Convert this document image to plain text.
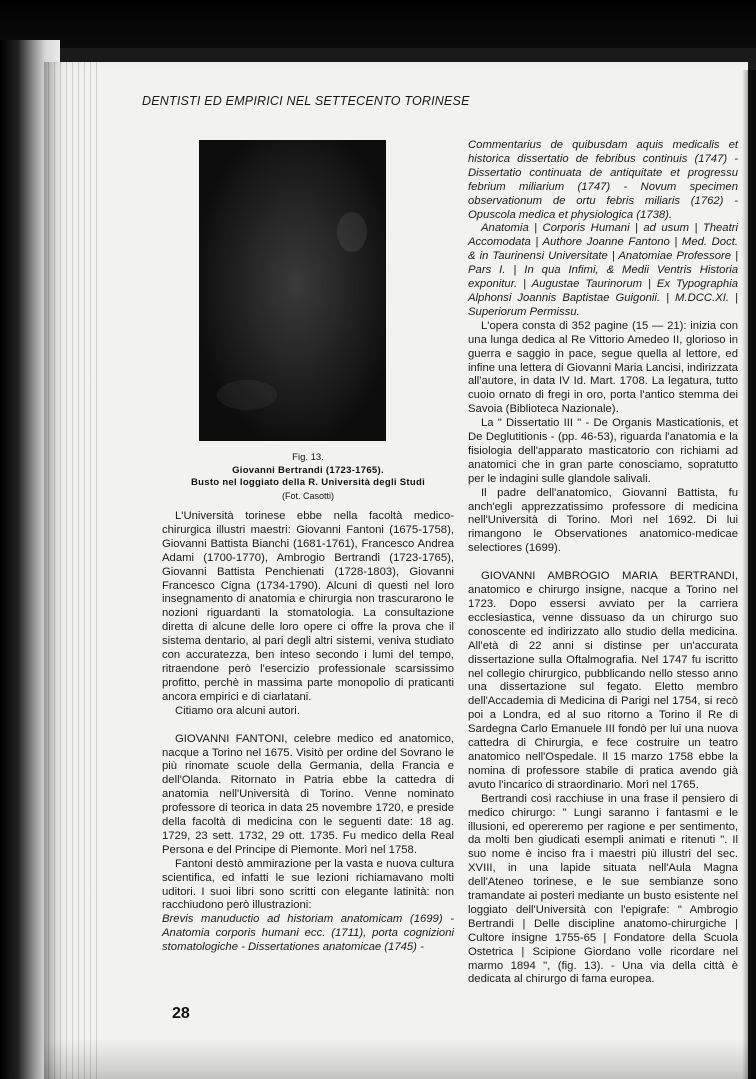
DENTISTI ED EMPIRICI NEL SETTECENTO TORINESE
Fig. 13.
Giovanni Bertrandi (1723-1765).
Busto nel loggiato della R. Università degli Studi
(Fot. Casotti)

L'Università torinese ebbe nella facoltà medico-chirurgica illustri maestri: Giovanni Fantoni (1675-1758), Giovanni Battista Bianchi (1681-1761), Francesco Andrea Adami (1700-1770), Ambrogio Bertrandi (1723-1765), Giovanni Battista Penchienati (1728-1803), Giovanni Francesco Cigna (1734-1790). Alcuni di questi nel loro insegnamento di anatomia e chirurgia non trascurarono le nozioni riguardanti la stomatologia. La consultazione diretta di alcune delle loro opere ci offre la prova che il sistema dentario, al pari degli altri sistemi, veniva studiato con accuratezza, ben inteso secondo i lumi del tempo, ritraendone però l'esercizio professionale scarsissimo profitto, perchè in massima parte monopolio di praticanti ancora empirici e di ciarlatani.

Citiamo ora alcuni autori.

GIOVANNI FANTONI, celebre medico ed anatomico, nacque a Torino nel 1675. Visitò per ordine del Sovrano le più rinomate scuole della Germania, della Francia e dell'Olanda. Ritornato in Patria ebbe la cattedra di anatomia nell'Università di Torino. Venne nominato professore di teorica in data 25 novembre 1720, e preside della facoltà di medicina con le seguenti date: 18 ag. 1729, 23 sett. 1732, 29 ott. 1735. Fu medico della Real Persona e del Principe di Piemonte. Morì nel 1758.

Fantoni destò ammirazione per la vasta e nuova cultura scientifica, ed infatti le sue lezioni richiamavano molti uditori. I suoi libri sono scritti con elegante latinità: non racchiudono però illustrazioni:

Brevis manuductio ad historiam anatomicam (1699) - Anatomia corporis humani ecc. (1711), porta cognizioni stomatologiche - Dissertationes anatomicae (1745) -

Commentarius de quibusdam aquis medicalis et historica dissertatio de febribus continuis (1747) - Dissertatio continuata de antiquitate et progressu febrium miliarium (1747) - Novum specimen observationum de ortu febris miliaris (1762) - Opuscola medica et physiologica (1738).

Anatomia | Corporis Humani | ad usum | Theatri Accomodata | Authore Joanne Fantono | Med. Doct. & in Taurinensi Universitate | Anatomiae Professore | Pars I. | In qua Infimi, & Medii Ventris Historia exponitur. | Augustae Taurinorum | Ex Typographia Alphonsi Joannis Baptistae Guigonii. | M.DCC.XI. | Superiorum Permissu.

L'opera consta di 352 pagine (15 — 21): inizia con una lunga dedica al Re Vittorio Amedeo II, glorioso in guerra e saggio in pace, segue quella al lettore, ed infine una lettera di Giovanni Maria Lancisi, indirizzata all'autore, in data IV Id. Mart. 1708. La legatura, tutto cuoio ornato di fregi in oro, porta l'antico stemma dei Savoia (Biblioteca Nazionale).

La " Dissertatio III " - De Organis Masticationis, et De Deglutitionis - (pp. 46-53), riguarda l'anatomia e la fisiologia dell'apparato masticatorio con richiami ad anatomici che in gran parte conosciamo, sopratutto per le indagini sulle glandole salivali.

Il padre dell'anatomico, Giovanni Battista, fu anch'egli apprezzatissimo professore di medicina nell'Università di Torino. Morì nel 1692. Di lui rimangono le Observationes anatomico-medicae selectiores (1699).

GIOVANNI AMBROGIO MARIA BERTRANDI, anatomico e chirurgo insigne, nacque a Torino nel 1723. Dopo essersi avviato per la carriera ecclesiastica, venne dissuaso da un chirurgo suo conoscente ed indirizzato allo studio della medicina. All'età di 22 anni si distinse per un'accurata dissertazione sulla Oftalmografia. Nel 1747 fu iscritto nel collegio chirurgico, pubblicando nello stesso anno una dissertazione sul fegato. Eletto membro dell'Accademia di Medicina di Parigi nel 1754, si recò poi a Londra, ed al suo ritorno a Torino il Re di Sardegna Carlo Emanuele III fondò per lui una nuova cattedra di Chirurgia, e fece costruire un teatro anatomico nell'Ospedale. Il 15 marzo 1758 ebbe la nomina di professore stabile di pratica avendo già avuto l'incarico di straordinario. Morì nel 1765.

Bertrandi così racchiuse in una frase il pensiero di medico chirurgo: " Lungi saranno i fantasmi e le illusioni, ed opereremo per ragione e per sentimento, da molti ben giudicati esempli animati e ritenuti ". Il suo nome è inciso fra i maestri più illustri del sec. XVIII, in una lapide situata nell'Aula Magna dell'Ateneo torinese, e le sue sembianze sono tramandate ai posteri mediante un busto esistente nel loggiato dell'Università con l'epigrafe: " Ambrogio Bertrandi | Delle discipline anatomo-chirurgiche | Cultore insigne 1755-65 | Fondatore della Scuola Ostetrica | Scipione Giordano volle ricordare nel marmo 1894 ", (fig. 13). - Una via della città è dedicata al chirurgo di fama europea.

28
